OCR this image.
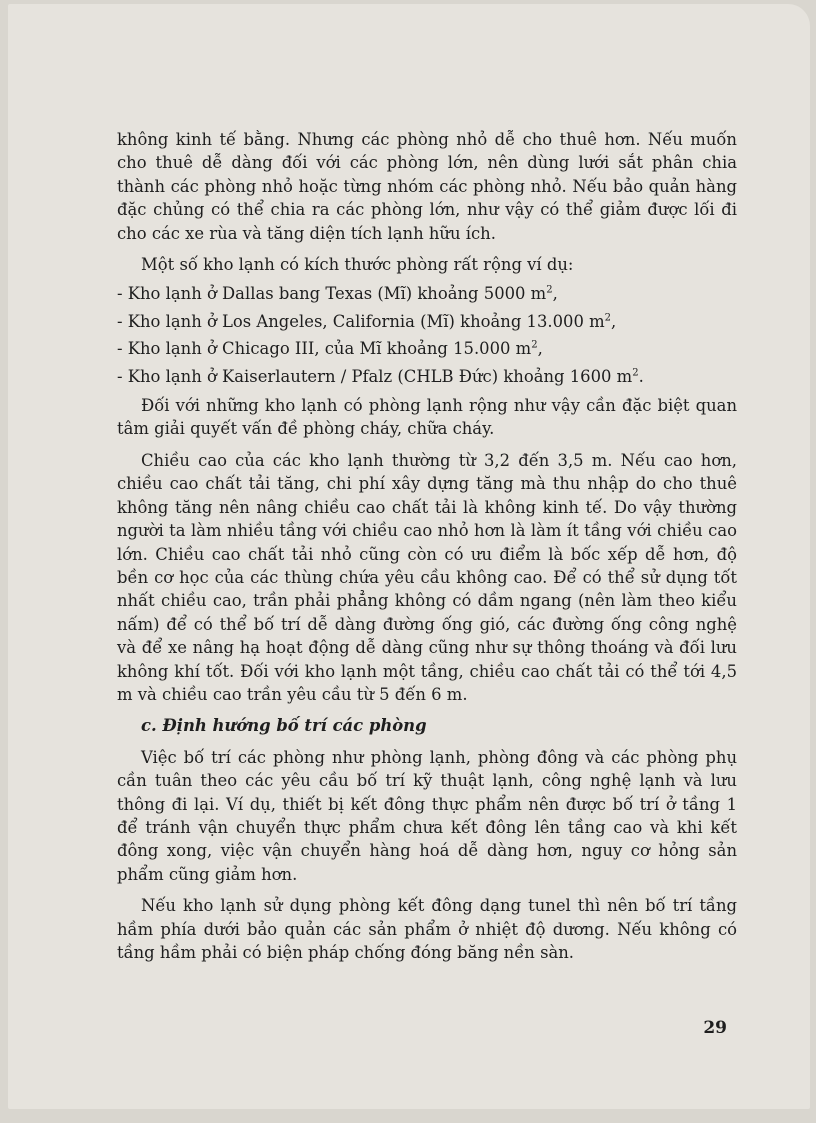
không kinh tế bằng. Nhưng các phòng nhỏ dễ cho thuê hơn. Nếu muốn cho thuê dễ dàng đối với các phòng lớn, nên dùng lưới sắt phân chia thành các phòng nhỏ hoặc từng nhóm các phòng nhỏ. Nếu bảo quản hàng đặc chủng có thể chia ra các phòng lớn, như vậy có thể giảm được lối đi cho các xe rùa và tăng diện tích lạnh hữu ích.

Một số kho lạnh có kích thước phòng rất rộng ví dụ:

- Kho lạnh ở Dallas bang Texas (Mĩ) khoảng 5000 $m^2$,
- Kho lạnh ở Los Angeles, California (Mĩ) khoảng 13.000 $m^2$,
- Kho lạnh ở Chicago III, của Mĩ khoảng 15.000 $m^2$,
- Kho lạnh ở Kaiserlautern / Pfalz (CHLB Đức) khoảng 1600 $m^2$.

Đối với những kho lạnh có phòng lạnh rộng như vậy cần đặc biệt quan tâm giải quyết vấn đề phòng cháy, chữa cháy.

Chiều cao của các kho lạnh thường từ 3,2 đến 3,5 m. Nếu cao hơn, chiều cao chất tải tăng, chi phí xây dựng tăng mà thu nhập do cho thuê không tăng nên nâng chiều cao chất tải là không kinh tế. Do vậy thường người ta làm nhiều tầng với chiều cao nhỏ hơn là làm ít tầng với chiều cao lớn. Chiều cao chất tải nhỏ cũng còn có ưu điểm là bốc xếp dễ hơn, độ bền cơ học của các thùng chứa yêu cầu không cao. Để có thể sử dụng tốt nhất chiều cao, trần phải phẳng không có dầm ngang (nên làm theo kiểu nấm) để có thể bố trí dễ dàng đường ống gió, các đường ống công nghệ và để xe nâng hạ hoạt động dễ dàng cũng như sự thông thoáng và đối lưu không khí tốt. Đối với kho lạnh một tầng, chiều cao chất tải có thể tới 4,5 m và chiều cao trần yêu cầu từ 5 đến 6 m.

c. Định hướng bố trí các phòng

Việc bố trí các phòng như phòng lạnh, phòng đông và các phòng phụ cần tuân theo các yêu cầu bố trí kỹ thuật lạnh, công nghệ lạnh và lưu thông đi lại. Ví dụ, thiết bị kết đông thực phẩm nên được bố trí ở tầng 1 để tránh vận chuyển thực phẩm chưa kết đông lên tầng cao và khi kết đông xong, việc vận chuyển hàng hoá dễ dàng hơn, nguy cơ hỏng sản phẩm cũng giảm hơn.

Nếu kho lạnh sử dụng phòng kết đông dạng tunel thì nên bố trí tầng hầm phía dưới bảo quản các sản phẩm ở nhiệt độ dương. Nếu không có tầng hầm phải có biện pháp chống đóng băng nền sàn.

29
